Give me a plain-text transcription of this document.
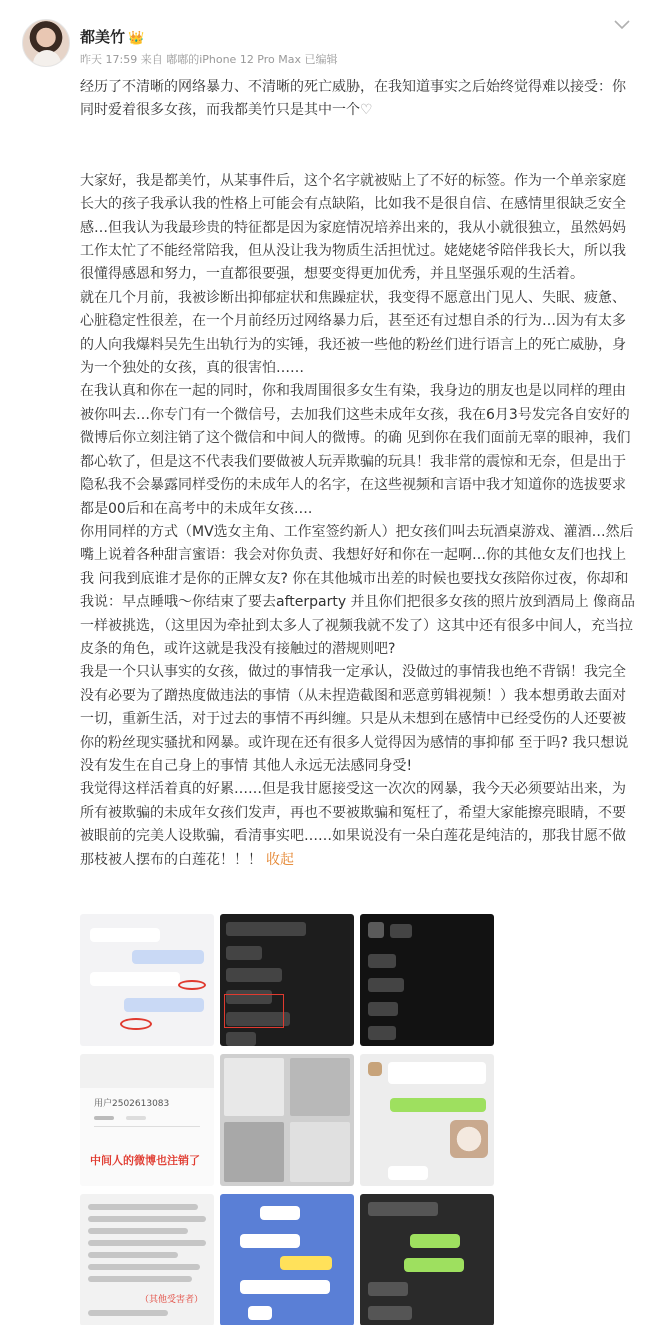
都美竹 👑
昨天 17:59 来自 嘟嘟的iPhone 12 Pro Max 已编辑

经历了不清晰的网络暴力、不清晰的死亡威胁，在我知道事实之后始终觉得难以接受：你同时爱着很多女孩，而我都美竹只是其中一个♡

大家好，我是都美竹，从某事件后，这个名字就被贴上了不好的标签。作为一个单亲家庭长大的孩子我承认我的性格上可能会有点缺陷，比如我不是很自信、在感情里很缺乏安全感…但我认为我最珍贵的特征都是因为家庭情况培养出来的，我从小就很独立，虽然妈妈工作太忙了不能经常陪我，但从没让我为物质生活担忧过。姥姥姥爷陪伴我长大，所以我很懂得感恩和努力，一直都很要强，想要变得更加优秀，并且坚强乐观的生活着。

就在几个月前，我被诊断出抑郁症状和焦躁症状，我变得不愿意出门见人、失眠、疲惫、心脏稳定性很差，在一个月前经历过网络暴力后，甚至还有过想自杀的行为…因为有太多的人向我爆料吴先生出轨行为的实锤，我还被一些他的粉丝们进行语言上的死亡威胁，身为一个独处的女孩，真的很害怕……

在我认真和你在一起的同时，你和我周围很多女生有染，我身边的朋友也是以同样的理由被你叫去…你专门有一个微信号，去加我们这些未成年女孩，我在6月3号发完各自安好的微博后你立刻注销了这个微信和中间人的微博。的确 见到你在我们面前无辜的眼神，我们都心软了，但是这不代表我们要做被人玩弄欺骗的玩具！我非常的震惊和无奈，但是出于隐私我不会暴露同样受伤的未成年人的名字，在这些视频和言语中我才知道你的选拔要求都是00后和在高考中的未成年女孩….

你用同样的方式（MV选女主角、工作室签约新人）把女孩们叫去玩酒桌游戏、灌酒…然后嘴上说着各种甜言蜜语：我会对你负责、我想好好和你在一起啊…你的其他女友们也找上我 问我到底谁才是你的正牌女友? 你在其他城市出差的时候也要找女孩陪你过夜，你却和我说：早点睡哦～你结束了要去afterparty 并且你们把很多女孩的照片放到酒局上 像商品一样被挑选，（这里因为牵扯到太多人了视频我就不发了）这其中还有很多中间人，充当拉皮条的角色，或许这就是我没有接触过的潜规则吧?

我是一个只认事实的女孩，做过的事情我一定承认，没做过的事情我也绝不背锅！我完全没有必要为了蹭热度做违法的事情（从未捏造截图和恶意剪辑视频！）我本想勇敢去面对一切，重新生活，对于过去的事情不再纠缠。只是从未想到在感情中已经受伤的人还要被你的粉丝现实骚扰和网暴。或许现在还有很多人觉得因为感情的事抑郁 至于吗? 我只想说 没有发生在自己身上的事情 其他人永远无法感同身受!

我觉得这样活着真的好累……但是我甘愿接受这一次次的网暴，我今天必须要站出来，为所有被欺骗的未成年女孩们发声，再也不要被欺骗和冤枉了，希望大家能擦亮眼睛，不要被眼前的完美人设欺骗，看清事实吧……如果说没有一朵白莲花是纯洁的，那我甘愿不做那枝被人摆布的白莲花！！！ 收起

用户2502613083
中间人的微博也注销了
（其他受害者）
